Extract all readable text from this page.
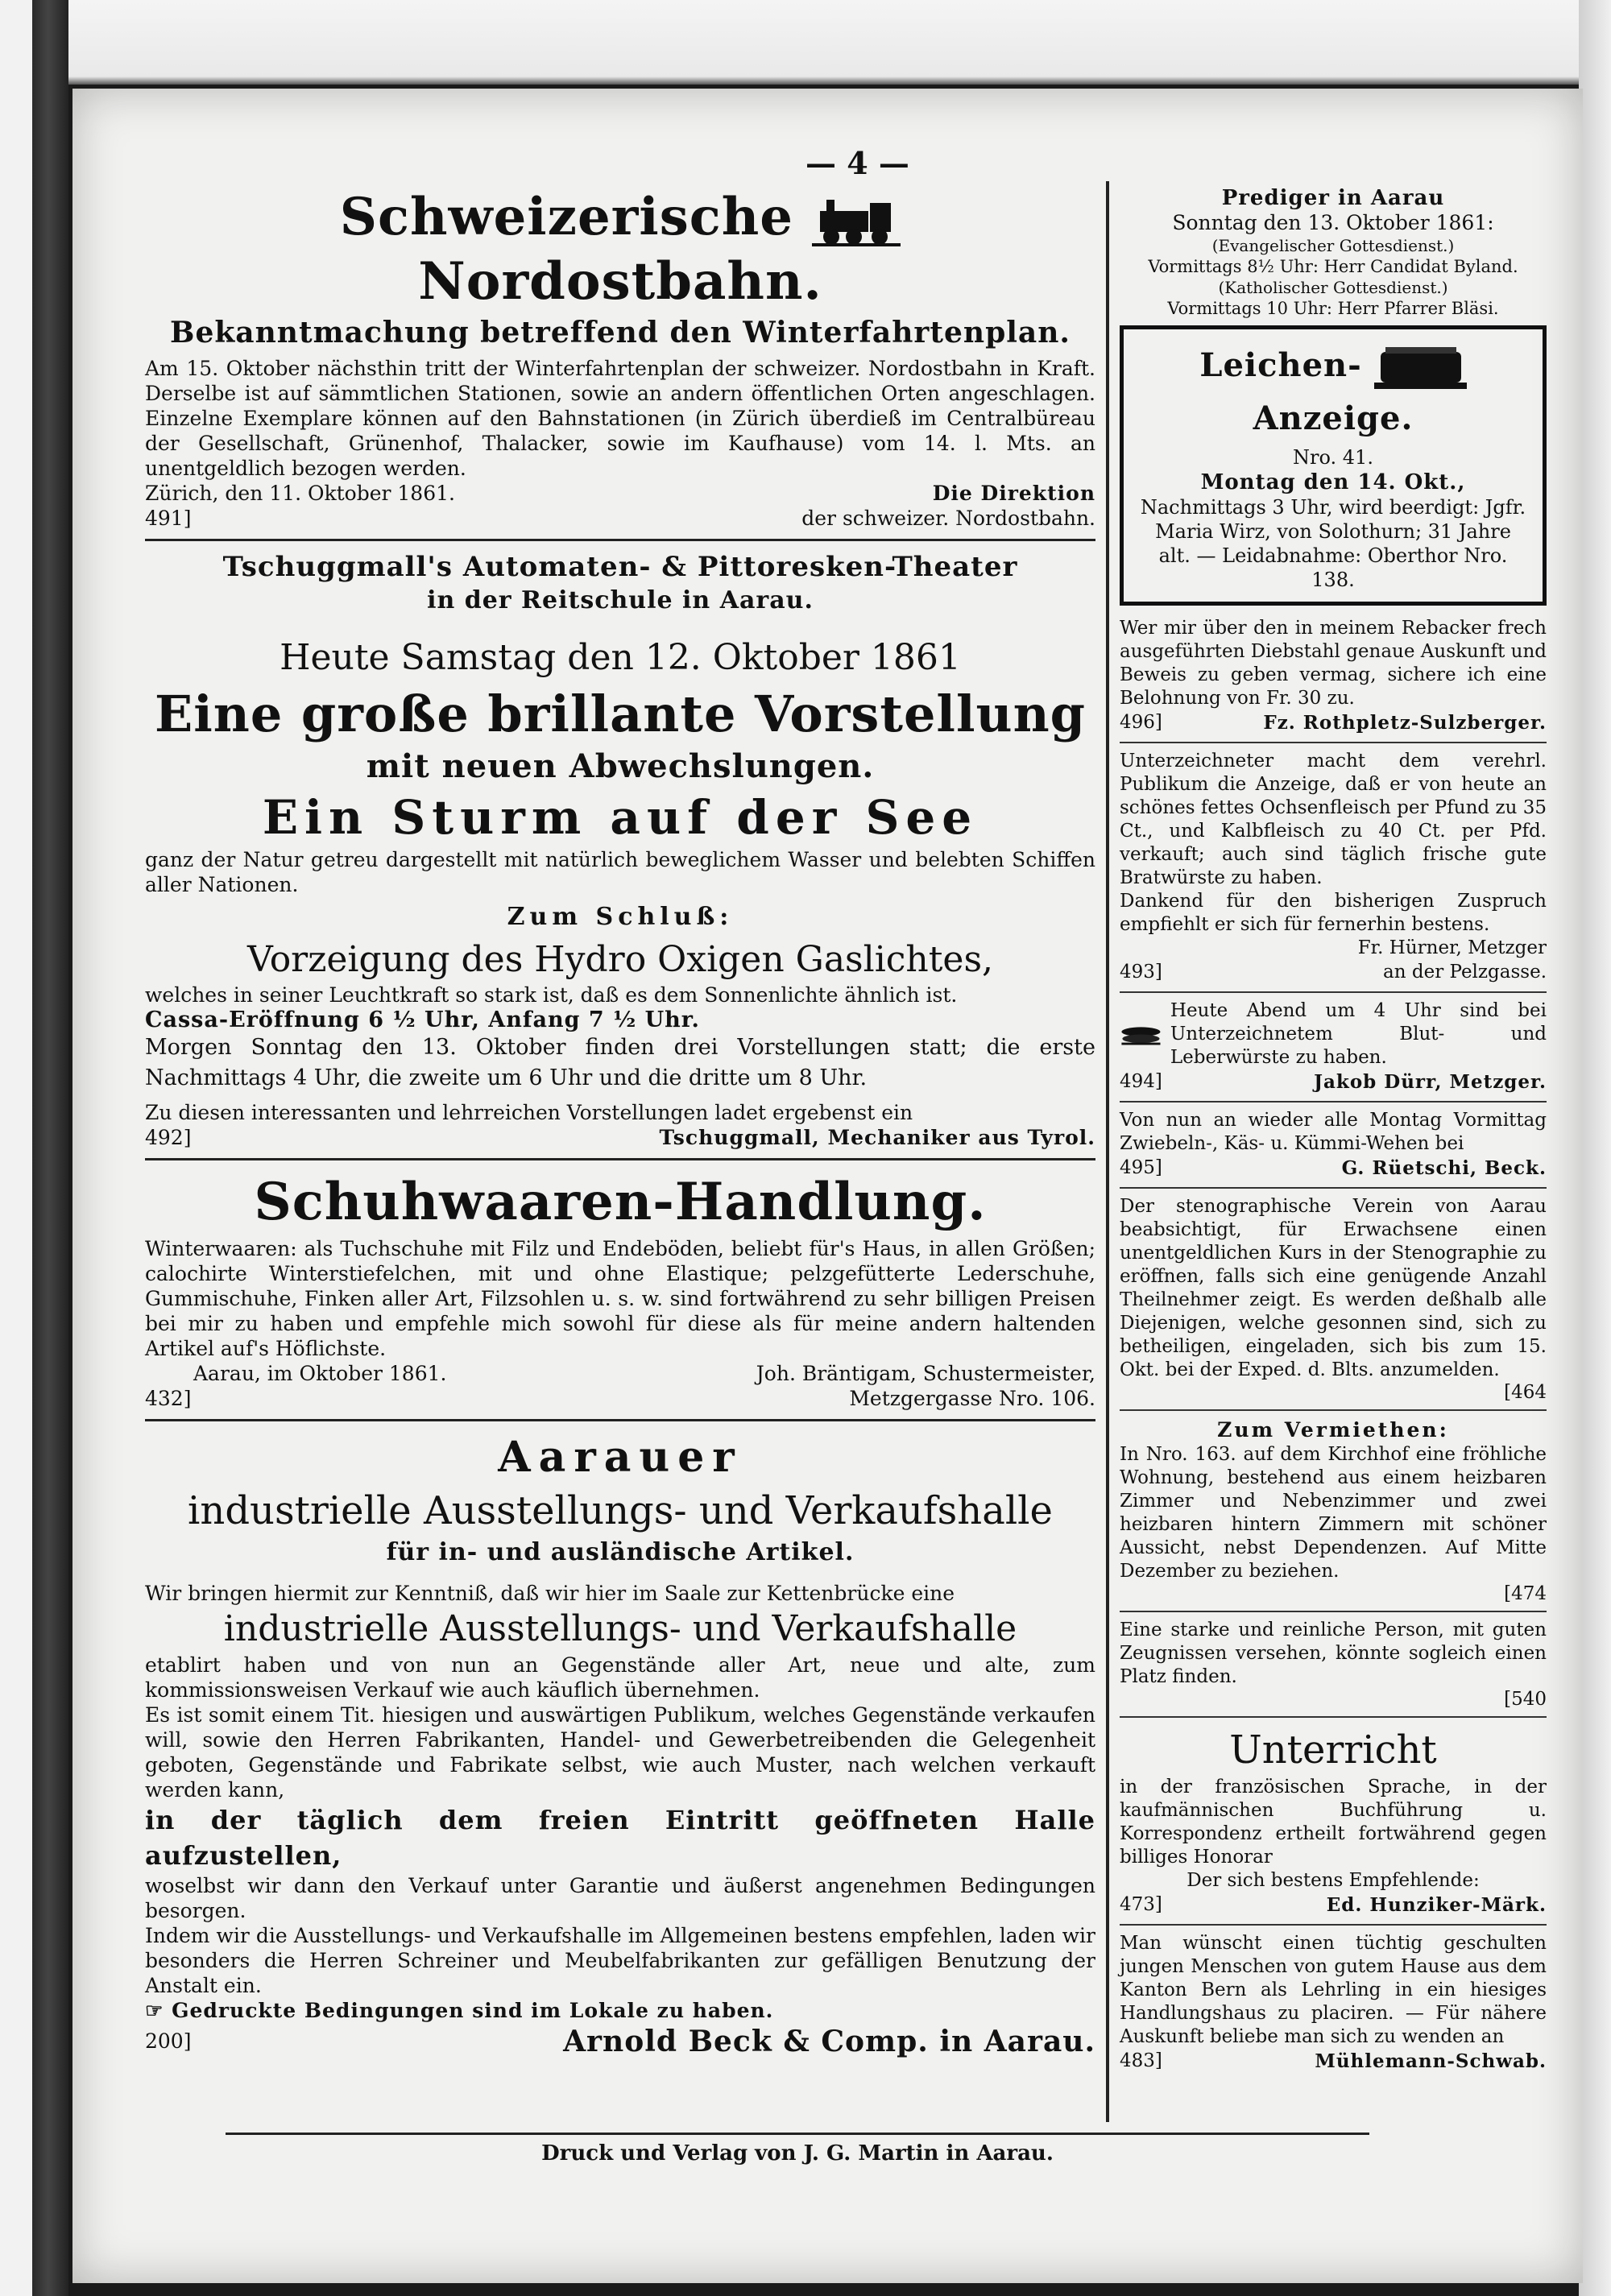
— 4 —
Schweizerische  Nordostbahn.
Bekanntmachung betreffend den Winterfahrtenplan.

Am 15. Oktober nächsthin tritt der Winterfahrtenplan der schweizer. Nordostbahn in Kraft. Derselbe ist auf sämmtlichen Stationen, sowie an andern öffentlichen Orten angeschlagen. Einzelne Exemplare können auf den Bahnstationen (in Zürich überdieß im Centralbüreau der Gesellschaft, Grünenhof, Thalacker, sowie im Kaufhause) vom 14. l. Mts. an unentgeldlich bezogen werden.

Zürich, den 11. Oktober 1861.	Die Direktion
491]	der schweizer. Nordostbahn.
Tschuggmall's Automaten- & Pittoresken-Theater
in der Reitschule in Aarau.
Heute Samstag den 12. Oktober 1861
Eine große brillante Vorstellung
mit neuen Abwechslungen.
Ein Sturm auf der See

ganz der Natur getreu dargestellt mit natürlich beweglichem Wasser und belebten Schiffen aller Nationen.

Zum Schluß:
Vorzeigung des Hydro Oxigen Gaslichtes,

welches in seiner Leuchtkraft so stark ist, daß es dem Sonnenlichte ähnlich ist.

Cassa-Eröffnung 6 ½ Uhr, Anfang 7 ½ Uhr.

Morgen Sonntag den 13. Oktober finden drei Vorstellungen statt; die erste Nachmittags 4 Uhr, die zweite um 6 Uhr und die dritte um 8 Uhr.

Zu diesen interessanten und lehrreichen Vorstellungen ladet ergebenst ein

492]	Tschuggmall, Mechaniker aus Tyrol.
Schuhwaaren-Handlung.

Winterwaaren: als Tuchschuhe mit Filz und Endeböden, beliebt für's Haus, in allen Größen; calochirte Winterstiefelchen, mit und ohne Elastique; pelzgefütterte Lederschuhe, Gummischuhe, Finken aller Art, Filzsohlen u. s. w. sind fortwährend zu sehr billigen Preisen bei mir zu haben und empfehle mich sowohl für diese als für meine andern haltenden Artikel auf's Höflichste.

Aarau, im Oktober 1861.	Joh. Bräntigam, Schustermeister,
432]	Metzgergasse Nro. 106.
Aarauer
industrielle Ausstellungs- und Verkaufshalle
für in- und ausländische Artikel.

Wir bringen hiermit zur Kenntniß, daß wir hier im Saale zur Kettenbrücke eine

industrielle Ausstellungs- und Verkaufshalle

etablirt haben und von nun an Gegenstände aller Art, neue und alte, zum kommissionsweisen Verkauf wie auch käuflich übernehmen.

Es ist somit einem Tit. hiesigen und auswärtigen Publikum, welches Gegenstände verkaufen will, sowie den Herren Fabrikanten, Handel- und Gewerbetreibenden die Gelegenheit geboten, Gegenstände und Fabrikate selbst, wie auch Muster, nach welchen verkauft werden kann,

in der täglich dem freien Eintritt geöffneten Halle aufzustellen,

woselbst wir dann den Verkauf unter Garantie und äußerst angenehmen Bedingungen besorgen.

Indem wir die Ausstellungs- und Verkaufshalle im Allgemeinen bestens empfehlen, laden wir besonders die Herren Schreiner und Meubelfabrikanten zur gefälligen Benutzung der Anstalt ein.

☞ Gedruckte Bedingungen sind im Lokale zu haben.

200]	Arnold Beck & Comp. in Aarau.
Prediger in Aarau
Sonntag den 13. Oktober 1861:
(Evangelischer Gottesdienst.)
Vormittags 8½ Uhr: Herr Candidat Byland.
(Katholischer Gottesdienst.)
Vormittags 10 Uhr: Herr Pfarrer Bläsi.
Leichen-  Anzeige.
Nro. 41.
Montag den 14. Okt.,

Nachmittags 3 Uhr, wird beerdigt: Jgfr. Maria Wirz, von Solothurn; 31 Jahre alt. — Leidabnahme: Oberthor Nro. 138.

Wer mir über den in meinem Rebacker frech ausgeführten Diebstahl genaue Auskunft und Beweis zu geben vermag, sichere ich eine Belohnung von Fr. 30 zu.

496]	Fz. Rothpletz-Sulzberger.

Unterzeichneter macht dem verehrl. Publikum die Anzeige, daß er von heute an schönes fettes Ochsenfleisch per Pfund zu 35 Ct., und Kalbfleisch zu 40 Ct. per Pfd. verkauft; auch sind täglich frische gute Bratwürste zu haben.

Dankend für den bisherigen Zuspruch empfiehlt er sich für fernerhin bestens.

Fr. Hürner, Metzger
493]	an der Pelzgasse.

Heute Abend um 4 Uhr sind bei Unterzeichnetem Blut- und Leberwürste zu haben.

494]	Jakob Dürr, Metzger.

Von nun an wieder alle Montag Vormittag Zwiebeln-, Käs- u. Kümmi-Wehen bei

495]	G. Rüetschi, Beck.

Der stenographische Verein von Aarau beabsichtigt, für Erwachsene einen unentgeldlichen Kurs in der Stenographie zu eröffnen, falls sich eine genügende Anzahl Theilnehmer zeigt. Es werden deßhalb alle Diejenigen, welche gesonnen sind, sich zu betheiligen, eingeladen, sich bis zum 15. Okt. bei der Exped. d. Blts. anzumelden.

[464
Zum Vermiethen:

In Nro. 163. auf dem Kirchhof eine fröhliche Wohnung, bestehend aus einem heizbaren Zimmer und Nebenzimmer und zwei heizbaren hintern Zimmern mit schöner Aussicht, nebst Dependenzen. Auf Mitte Dezember zu beziehen.

[474

Eine starke und reinliche Person, mit guten Zeugnissen versehen, könnte sogleich einen Platz finden.

[540
Unterricht

in der französischen Sprache, in der kaufmännischen Buchführung u. Korrespondenz ertheilt fortwährend gegen billiges Honorar

Der sich bestens Empfehlende:
473]	Ed. Hunziker-Märk.

Man wünscht einen tüchtig geschulten jungen Menschen von gutem Hause aus dem Kanton Bern als Lehrling in ein hiesiges Handlungshaus zu placiren. — Für nähere Auskunft beliebe man sich zu wenden an

483]	Mühlemann-Schwab.
Druck und Verlag von J. G. Martin in Aarau.
